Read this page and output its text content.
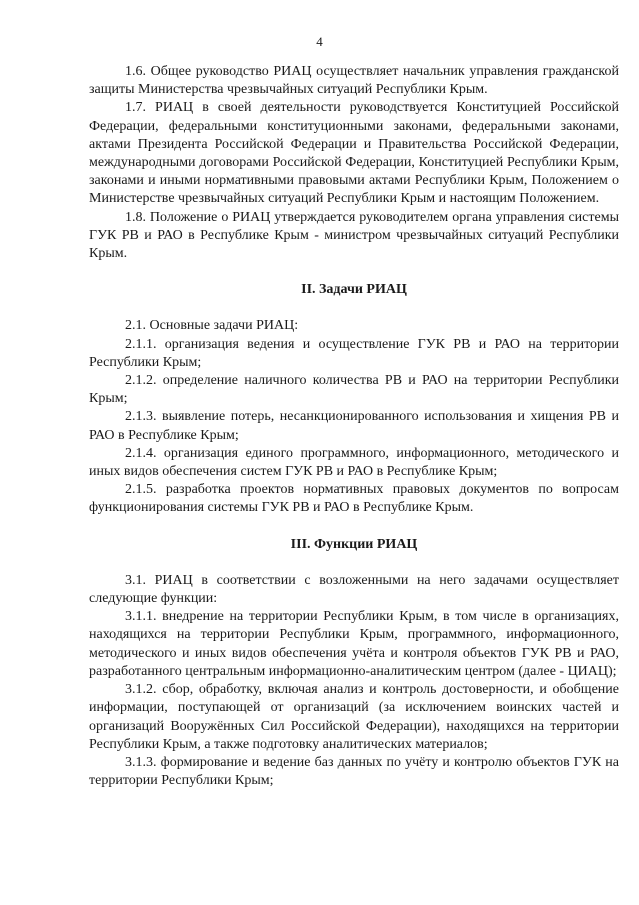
4

1.6. Общее руководство РИАЦ осуществляет начальник управления гражданской защиты Министерства чрезвычайных ситуаций Республики Крым.

1.7. РИАЦ в своей деятельности руководствуется Конституцией Российской Федерации, федеральными конституционными законами, федеральными законами, актами Президента Российской Федерации и Правительства Российской Федерации, международными договорами Российской Федерации, Конституцией Республики Крым, законами и иными нормативными правовыми актами Республики Крым, Положением о Министерстве чрезвычайных ситуаций Республики Крым и настоящим Положением.

1.8. Положение о РИАЦ утверждается руководителем органа управления системы ГУК РВ и РАО в Республике Крым - министром чрезвычайных ситуаций Республики Крым.

II. Задачи РИАЦ

2.1. Основные задачи РИАЦ:

2.1.1. организация ведения и осуществление ГУК РВ и РАО на территории Республики Крым;

2.1.2. определение наличного количества РВ и РАО на территории Республики Крым;

2.1.3. выявление потерь, несанкционированного использования и хищения РВ и РАО в Республике Крым;

2.1.4. организация единого программного, информационного, методического и иных видов обеспечения систем ГУК РВ и РАО в Республике Крым;

2.1.5. разработка проектов нормативных правовых документов по вопросам функционирования системы ГУК РВ и РАО в Республике Крым.

III. Функции РИАЦ

3.1. РИАЦ в соответствии с возложенными на него задачами осуществляет следующие функции:

3.1.1. внедрение на территории Республики Крым, в том числе в организациях, находящихся на территории Республики Крым, программного, информационного, методического и иных видов обеспечения учёта и контроля объектов ГУК РВ и РАО, разработанного центральным информационно-аналитическим центром (далее - ЦИАЦ);

3.1.2. сбор, обработку, включая анализ и контроль достоверности, и обобщение информации, поступающей от организаций (за исключением воинских частей и организаций Вооружённых Сил Российской Федерации), находящихся на территории Республики Крым, а также подготовку аналитических материалов;

3.1.3. формирование и ведение баз данных по учёту и контролю объектов ГУК на территории Республики Крым;
